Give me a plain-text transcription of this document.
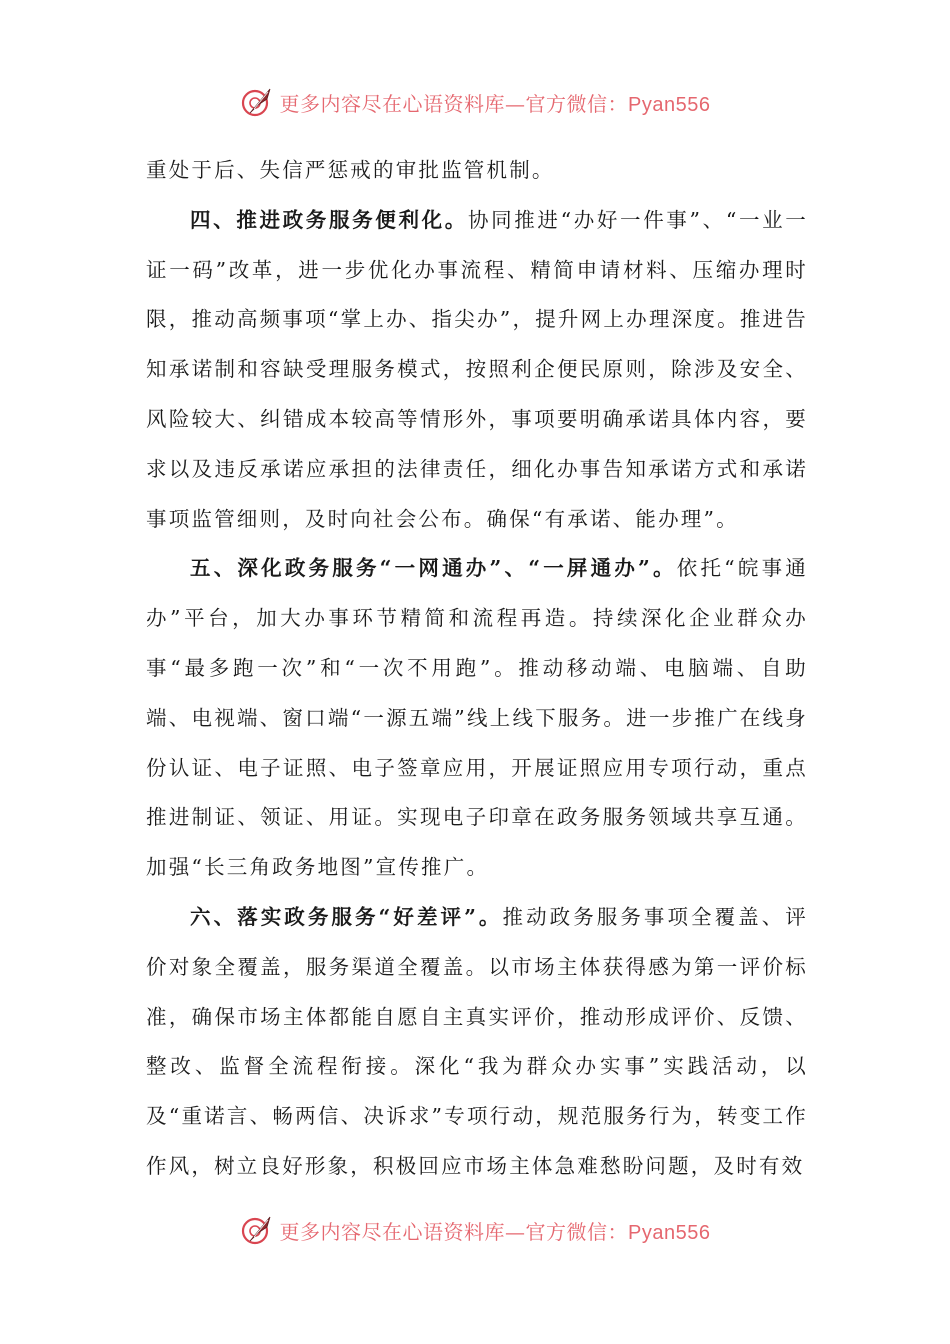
更多内容尽在心语资料库—官方微信：Pyan556

重处于后、失信严惩戒的审批监管机制。

四、推进政务服务便利化。协同推进“办好一件事”、“一业一证一码”改革，进一步优化办事流程、精简申请材料、压缩办理时限，推动高频事项“掌上办、指尖办”，提升网上办理深度。推进告知承诺制和容缺受理服务模式，按照利企便民原则，除涉及安全、风险较大、纠错成本较高等情形外，事项要明确承诺具体内容，要求以及违反承诺应承担的法律责任，细化办事告知承诺方式和承诺事项监管细则，及时向社会公布。确保“有承诺、能办理”。

五、深化政务服务“一网通办”、“一屏通办”。依托“皖事通办”平台，加大办事环节精简和流程再造。持续深化企业群众办事“最多跑一次”和“一次不用跑”。推动移动端、电脑端、自助端、电视端、窗口端“一源五端”线上线下服务。进一步推广在线身份认证、电子证照、电子签章应用，开展证照应用专项行动，重点推进制证、领证、用证。实现电子印章在政务服务领域共享互通。加强“长三角政务地图”宣传推广。

六、落实政务服务“好差评”。推动政务服务事项全覆盖、评价对象全覆盖，服务渠道全覆盖。以市场主体获得感为第一评价标准，确保市场主体都能自愿自主真实评价，推动形成评价、反馈、整改、监督全流程衔接。深化“我为群众办实事”实践活动，以及“重诺言、畅两信、决诉求”专项行动，规范服务行为，转变工作作风，树立良好形象，积极回应市场主体急难愁盼问题，及时有效

更多内容尽在心语资料库—官方微信：Pyan556
